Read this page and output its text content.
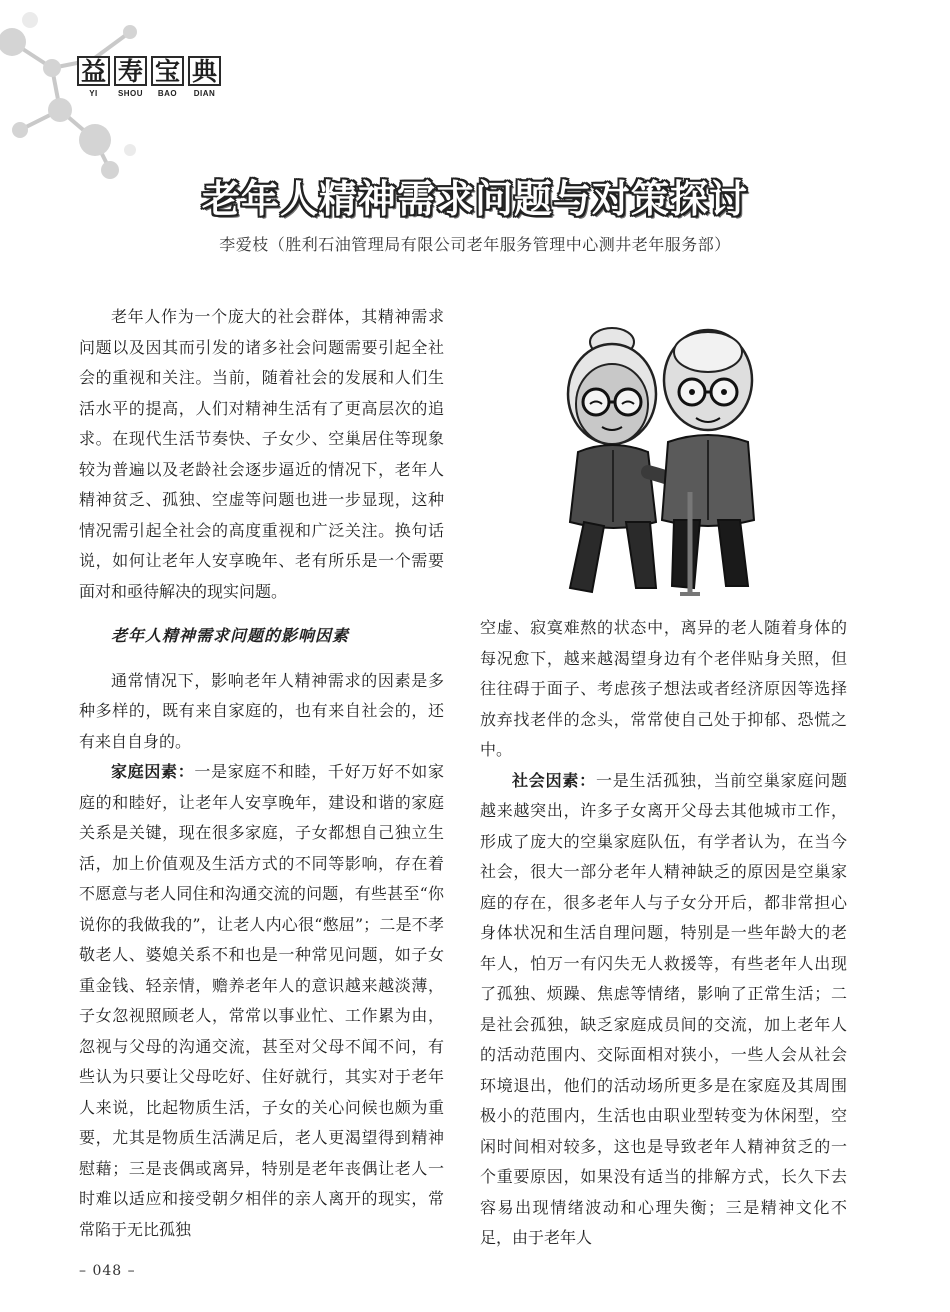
益 寿 宝 典
YI	SHOU	BAO	DIAN
老年人精神需求问题与对策探讨
李爱枝（胜利石油管理局有限公司老年服务管理中心测井老年服务部）

老年人作为一个庞大的社会群体，其精神需求问题以及因其而引发的诸多社会问题需要引起全社会的重视和关注。当前，随着社会的发展和人们生活水平的提高，人们对精神生活有了更高层次的追求。在现代生活节奏快、子女少、空巢居住等现象较为普遍以及老龄社会逐步逼近的情况下，老年人精神贫乏、孤独、空虚等问题也进一步显现，这种情况需引起全社会的高度重视和广泛关注。换句话说，如何让老年人安享晚年、老有所乐是一个需要面对和亟待解决的现实问题。

老年人精神需求问题的影响因素

通常情况下，影响老年人精神需求的因素是多种多样的，既有来自家庭的，也有来自社会的，还有来自自身的。

家庭因素：一是家庭不和睦，千好万好不如家庭的和睦好，让老年人安享晚年，建设和谐的家庭关系是关键，现在很多家庭，子女都想自己独立生活，加上价值观及生活方式的不同等影响，存在着不愿意与老人同住和沟通交流的问题，有些甚至“你说你的我做我的”，让老人内心很“憋屈”；二是不孝敬老人、婆媳关系不和也是一种常见问题，如子女重金钱、轻亲情，赡养老年人的意识越来越淡薄，子女忽视照顾老人，常常以事业忙、工作累为由，忽视与父母的沟通交流，甚至对父母不闻不问，有些认为只要让父母吃好、住好就行，其实对于老年人来说，比起物质生活，子女的关心问候也颇为重要，尤其是物质生活满足后，老人更渴望得到精神慰藉；三是丧偶或离异，特别是老年丧偶让老人一时难以适应和接受朝夕相伴的亲人离开的现实，常常陷于无比孤独

空虚、寂寞难熬的状态中，离异的老人随着身体的每况愈下，越来越渴望身边有个老伴贴身关照，但往往碍于面子、考虑孩子想法或者经济原因等选择放弃找老伴的念头，常常使自己处于抑郁、恐慌之中。

社会因素：一是生活孤独，当前空巢家庭问题越来越突出，许多子女离开父母去其他城市工作，形成了庞大的空巢家庭队伍，有学者认为，在当今社会，很大一部分老年人精神缺乏的原因是空巢家庭的存在，很多老年人与子女分开后，都非常担心身体状况和生活自理问题，特别是一些年龄大的老年人，怕万一有闪失无人救援等，有些老年人出现了孤独、烦躁、焦虑等情绪，影响了正常生活；二是社会孤独，缺乏家庭成员间的交流，加上老年人的活动范围内、交际面相对狭小，一些人会从社会环境退出，他们的活动场所更多是在家庭及其周围极小的范围内，生活也由职业型转变为休闲型，空闲时间相对较多，这也是导致老年人精神贫乏的一个重要原因，如果没有适当的排解方式，长久下去容易出现情绪波动和心理失衡；三是精神文化不足，由于老年人

– 048 –
